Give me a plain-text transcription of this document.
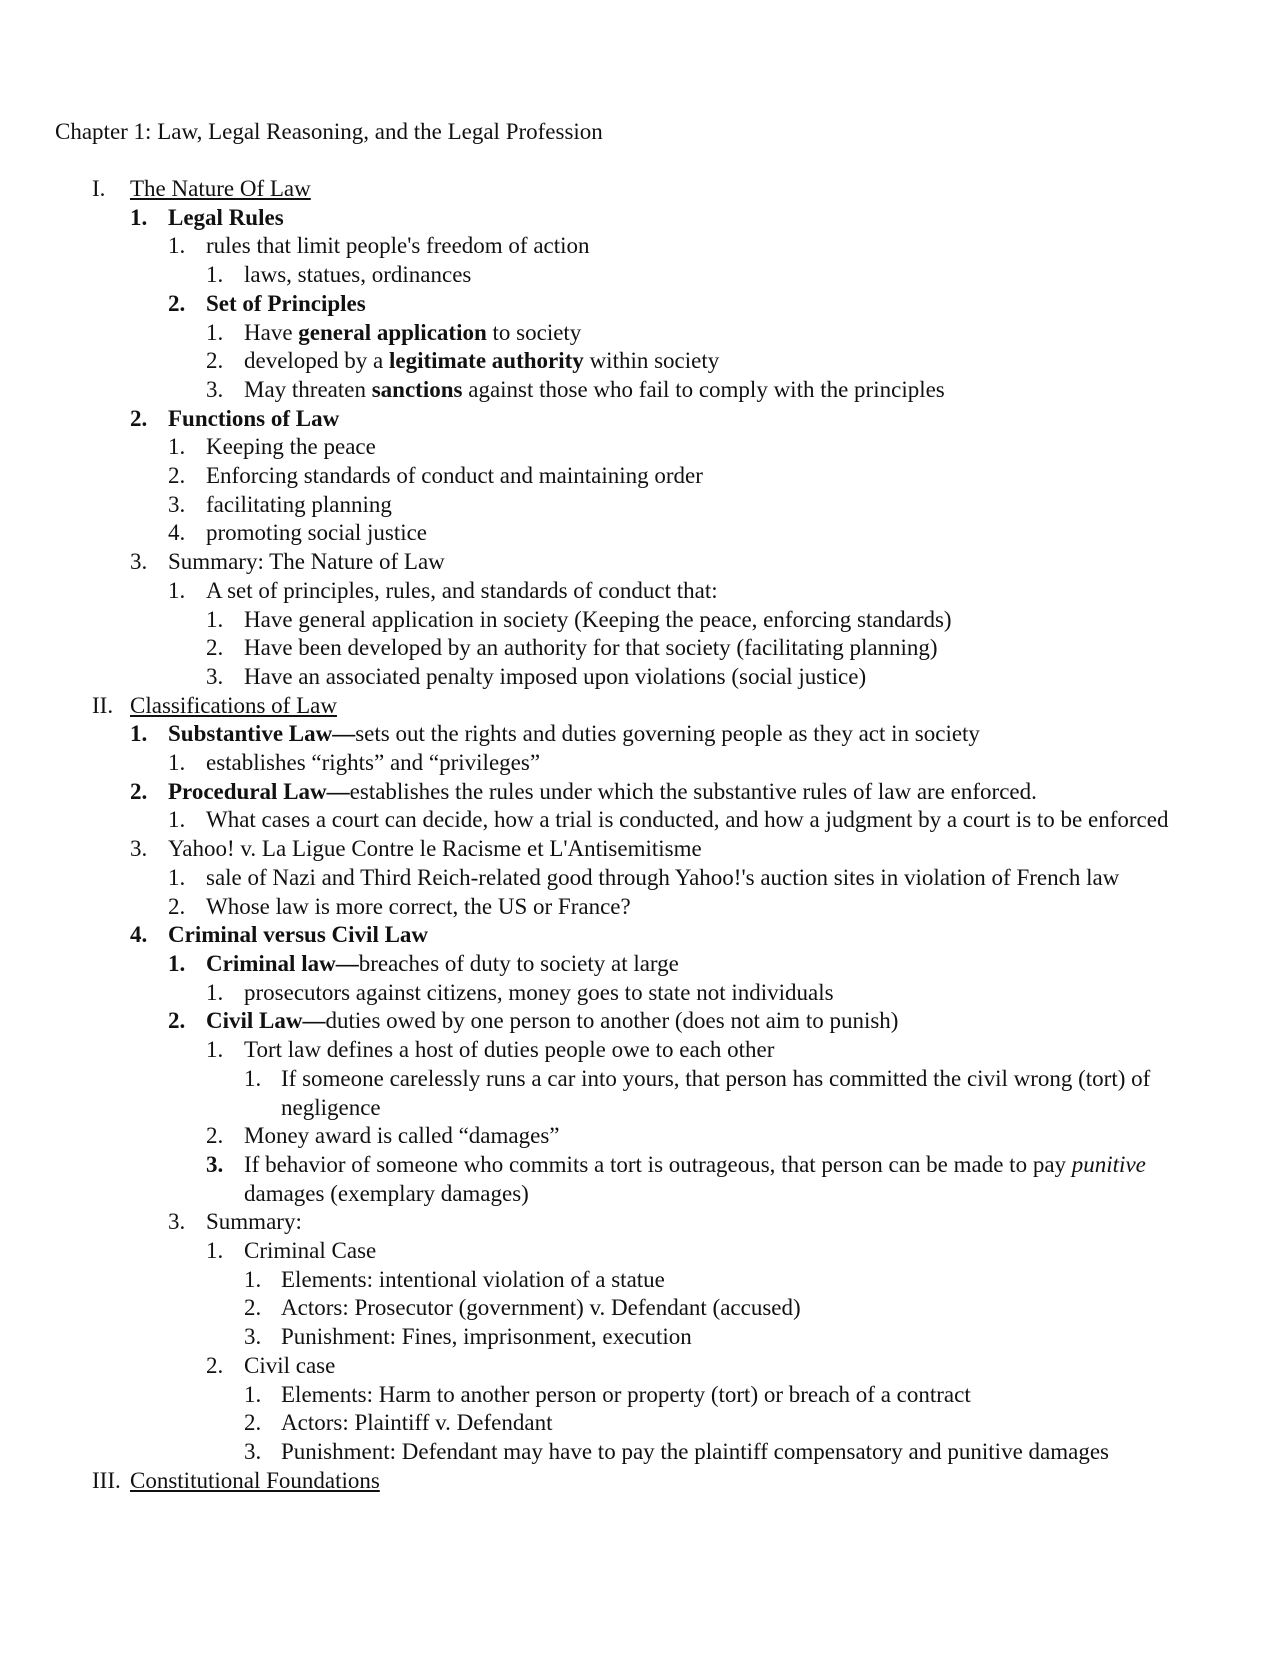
Chapter 1: Law, Legal Reasoning, and the Legal Profession
I. The Nature Of Law
1. Legal Rules
1. rules that limit people's freedom of action
1. laws, statues, ordinances
2. Set of Principles
1. Have general application to society
2. developed by a legitimate authority within society
3. May threaten sanctions against those who fail to comply with the principles
2. Functions of Law
1. Keeping the peace
2. Enforcing standards of conduct and maintaining order
3. facilitating planning
4. promoting social justice
3. Summary: The Nature of Law
1. A set of principles, rules, and standards of conduct that:
1. Have general application in society (Keeping the peace, enforcing standards)
2. Have been developed by an authority for that society (facilitating planning)
3. Have an associated penalty imposed upon violations (social justice)
II. Classifications of Law
1. Substantive Law—sets out the rights and duties governing people as they act in society
1. establishes “rights” and “privileges”
2. Procedural Law—establishes the rules under which the substantive rules of law are enforced.
1. What cases a court can decide, how a trial is conducted, and how a judgment by a court is to be enforced
3. Yahoo! v. La Ligue Contre le Racisme et L'Antisemitisme
1. sale of Nazi and Third Reich-related good through Yahoo!'s auction sites in violation of French law
2. Whose law is more correct, the US or France?
4. Criminal versus Civil Law
1. Criminal law—breaches of duty to society at large
1. prosecutors against citizens, money goes to state not individuals
2. Civil Law—duties owed by one person to another (does not aim to punish)
1. Tort law defines a host of duties people owe to each other
1. If someone carelessly runs a car into yours, that person has committed the civil wrong (tort) of negligence
2. Money award is called “damages”
3. If behavior of someone who commits a tort is outrageous, that person can be made to pay punitive damages (exemplary damages)
3. Summary:
1. Criminal Case
1. Elements: intentional violation of a statue
2. Actors: Prosecutor (government) v. Defendant (accused)
3. Punishment: Fines, imprisonment, execution
2. Civil case
1. Elements: Harm to another person or property (tort) or breach of a contract
2. Actors: Plaintiff v. Defendant
3. Punishment: Defendant may have to pay the plaintiff compensatory and punitive damages
III. Constitutional Foundations
